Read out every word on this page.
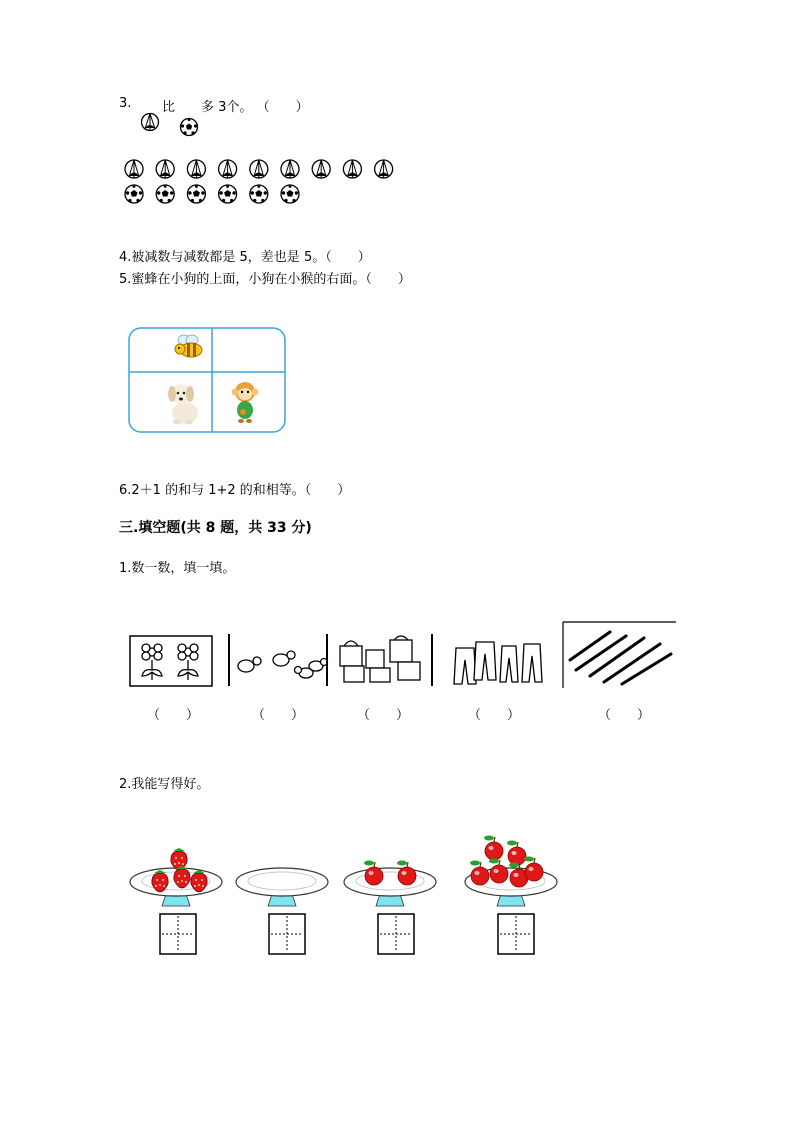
3. 比 多 3个。 （　　）
4.被减数与减数都是 5，差也是 5。（　　）
5.蜜蜂在小狗的上面，小狗在小猴的右面。（　　）
6.2＋1 的和与 1+2 的和相等。（　　）
三.填空题(共 8 题，共 33 分)
1.数一数，填一填。
（　　）	（　　）	（　　）	（　　）	（　　）
2.我能写得好。
